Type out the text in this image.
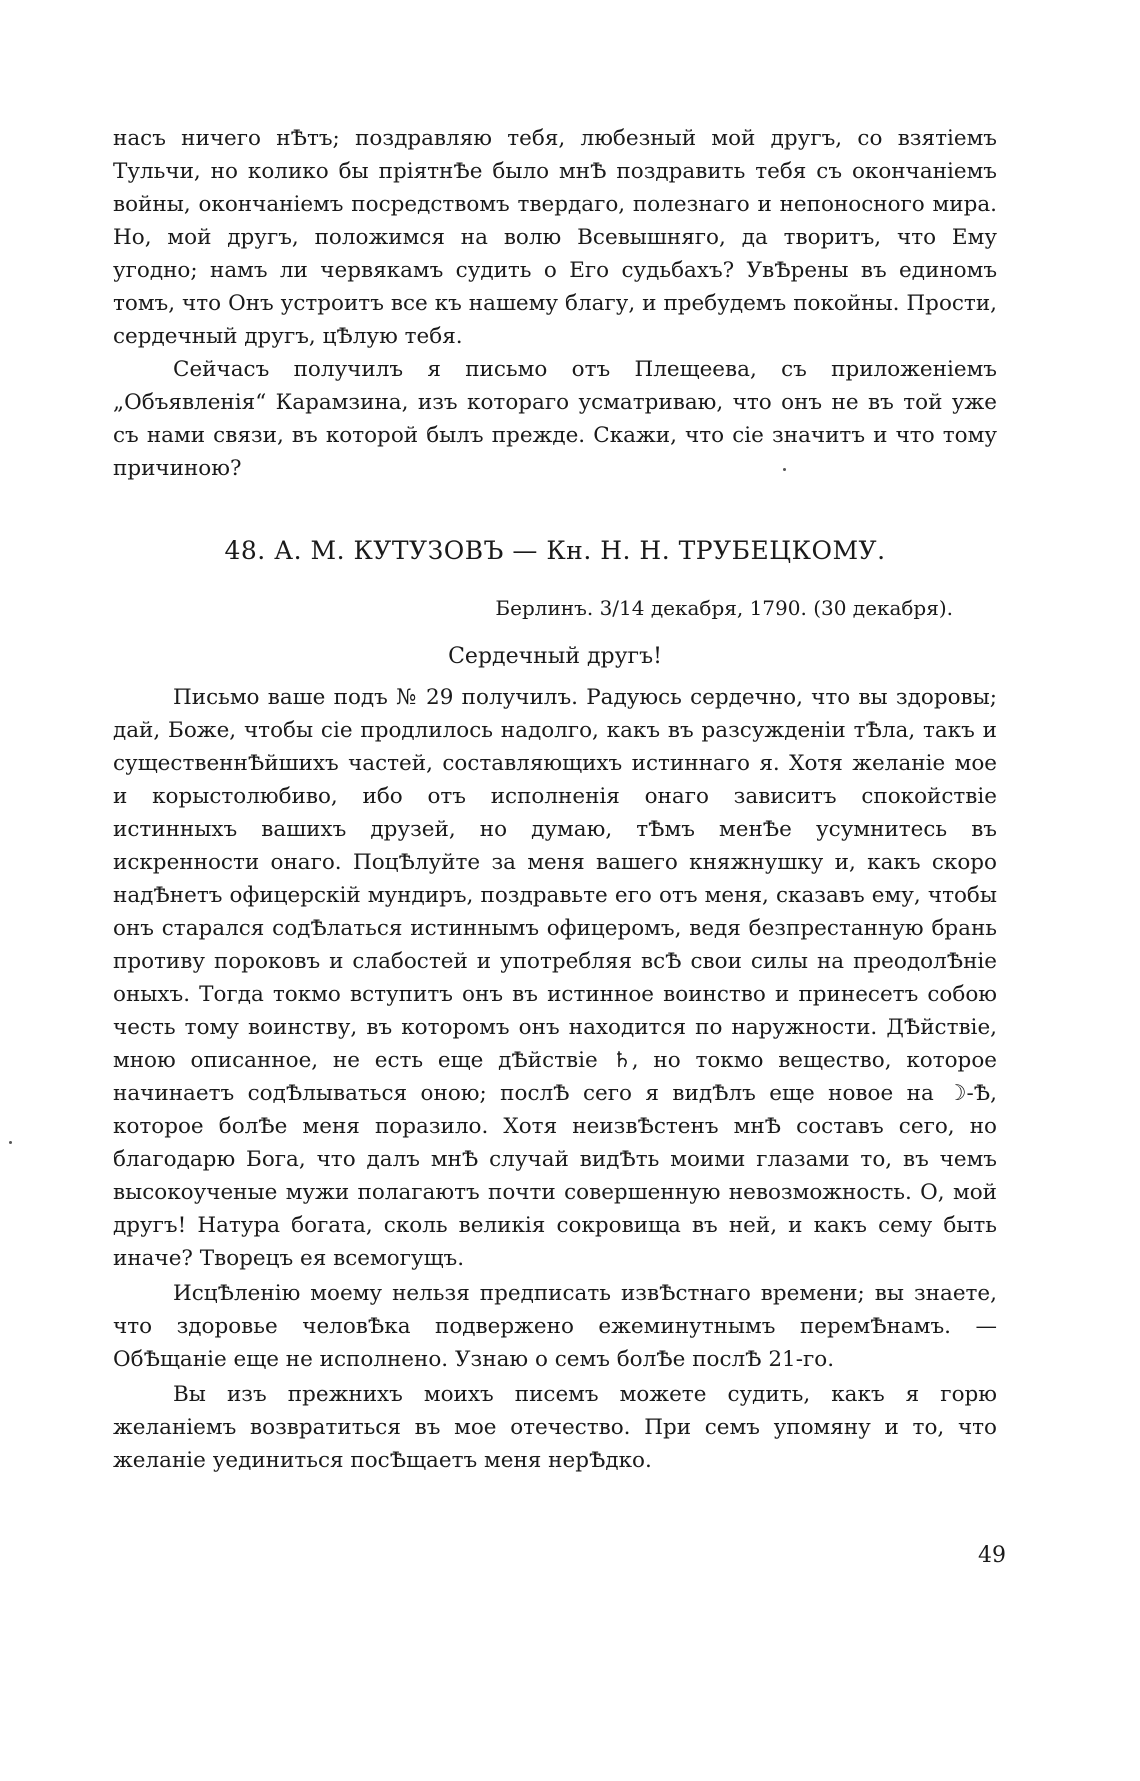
насъ ничего нѢтъ; поздравляю тебя, любезный мой другъ, со взятіемъ Тульчи, но колико бы пріятнѢе было мнѢ поздравить тебя съ окончаніемъ войны, окончаніемъ посредствомъ твердаго, полезнаго и непоносного мира. Но, мой другъ, положимся на волю Всевышняго, да творитъ, что Ему угодно; намъ ли червякамъ судить о Его судьбахъ? УвѢрены въ единомъ томъ, что Онъ устроитъ все къ нашему благу, и пребудемъ покойны. Прости, сердечный другъ, цѢлую тебя.

Сейчасъ получилъ я письмо отъ Плещеева, съ приложеніемъ „Объявленія“ Карамзина, изъ котораго усматриваю, что онъ не въ той уже съ нами связи, въ которой былъ прежде. Скажи, что сіе значитъ и что тому причиною?

48. А. М. КУТУЗОВЪ — Кн. Н. Н. ТРУБЕЦКОМУ.
Берлинъ. 3/14 декабря, 1790. (30 декабря).
Сердечный другъ!

Письмо ваше подъ № 29 получилъ. Радуюсь сердечно, что вы здоровы; дай, Боже, чтобы сіе продлилось надолго, какъ въ разсужденіи тѢла, такъ и существеннѢйшихъ частей, составляющихъ истиннаго я. Хотя желаніе мое и корыстолюбиво, ибо отъ исполненія онаго зависитъ спокойствіе истинныхъ вашихъ друзей, но думаю, тѢмъ менѢе усумнитесь въ искренности онаго. ПоцѢлуйте за меня вашего княжнушку и, какъ скоро надѢнетъ офицерскій мундиръ, поздравьте его отъ меня, сказавъ ему, чтобы онъ старался содѢлаться истиннымъ офицеромъ, ведя безпрестанную брань противу пороковъ и слабостей и употребляя всѢ свои силы на преодолѢніе оныхъ. Тогда токмо вступитъ онъ въ истинное воинство и принесетъ собою честь тому воинству, въ которомъ онъ находится по наружности. ДѢйствіе, мною описанное, не есть еще дѢйствіе ♄, но токмо вещество, которое начинаетъ содѢлываться оною; послѢ сего я видѢлъ еще новое на ☽-Ѣ, которое болѢе меня поразило. Хотя неизвѢстенъ мнѢ составъ сего, но благодарю Бога, что далъ мнѢ случай видѢть моими глазами то, въ чемъ высокоученые мужи полагаютъ почти совершенную невозможность. О, мой другъ! Натура богата, сколь великія сокровища въ ней, и какъ сему быть иначе? Творецъ ея всемогущъ.

ИсцѢленію моему нельзя предписать извѢстнаго времени; вы знаете, что здоровье человѢка подвержено ежеминутнымъ перемѢнамъ. — ОбѢщаніе еще не исполнено. Узнаю о семъ болѢе послѢ 21-го.

Вы изъ прежнихъ моихъ писемъ можете судить, какъ я горю желаніемъ возвратиться въ мое отечество. При семъ упомяну и то, что желаніе уединиться посѢщаетъ меня нерѢдко.

49
